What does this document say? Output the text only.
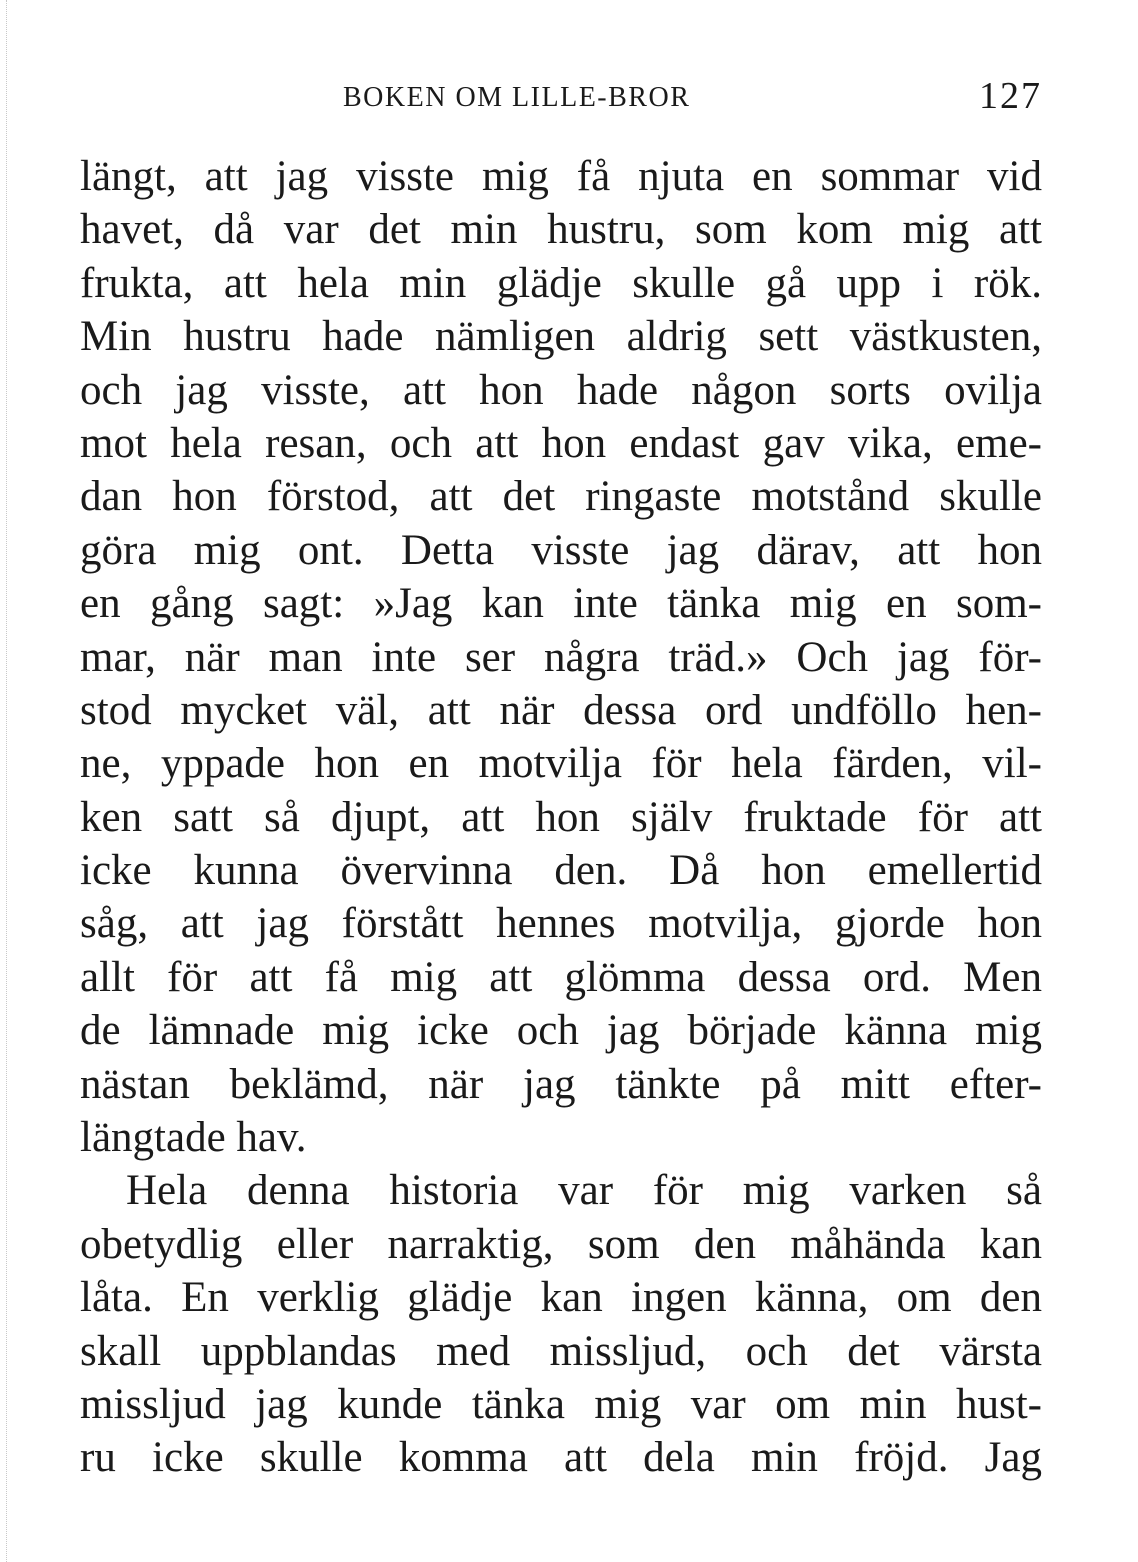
BOKEN OM LILLE-BROR	127
längt, att jag visste mig få njuta en sommar vid
havet, då var det min hustru, som kom mig att
frukta, att hela min glädje skulle gå upp i rök.
Min hustru hade nämligen aldrig sett västkusten,
och jag visste, att hon hade någon sorts ovilja
mot hela resan, och att hon endast gav vika, eme-
dan hon förstod, att det ringaste motstånd skulle
göra mig ont. Detta visste jag därav, att hon
en gång sagt: »Jag kan inte tänka mig en som-
mar, när man inte ser några träd.» Och jag för-
stod mycket väl, att när dessa ord undföllo hen-
ne, yppade hon en motvilja för hela färden, vil-
ken satt så djupt, att hon själv fruktade för att
icke kunna övervinna den. Då hon emellertid
såg, att jag förstått hennes motvilja, gjorde hon
allt för att få mig att glömma dessa ord. Men
de lämnade mig icke och jag började känna mig
nästan beklämd, när jag tänkte på mitt efter-
längtade hav.
Hela denna historia var för mig varken så
obetydlig eller narraktig, som den måhända kan
låta. En verklig glädje kan ingen känna, om den
skall uppblandas med missljud, och det värsta
missljud jag kunde tänka mig var om min hust-
ru icke skulle komma att dela min fröjd. Jag
